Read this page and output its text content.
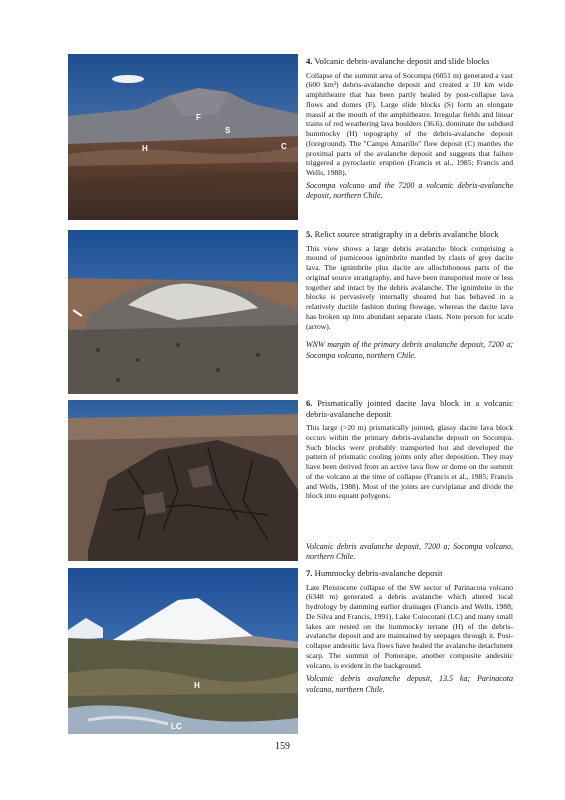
F
S
H	C
H
LC

4. Volcanic debris-avalanche deposit and slide blocks

Collapse of the summit area of Socompa (6051 m) generated a vast (600 km³) debris-avalanche deposit and created a 10 km wide amphitheatre that has been partly healed by post-collapse lava flows and domes (F). Large slide blocks (S) form an elongate massif at the mouth of the amphitheatre. Irregular fields and linear trains of red weathering lava boulders (36.6), dominate the subdued hummocky (H) topography of the debris-avalanche deposit (foreground). The "Campo Amarillo" flow deposit (C) mantles the proximal parts of the avalanche deposit and suggests that failure triggered a pyroclastic eruption (Francis et al., 1985; Francis and Wells, 1988).

Socompa volcano and the 7200 a volcanic debris-avalanche deposit, northern Chile.

5. Relict source stratigraphy in a debris avalanche block

This view shows a large debris avalanche block comprising a mound of pumiceous ignimbrite mantled by clasts of grey dacite lava. The ignimbrite plus dacite are allochthonous parts of the original source stratigraphy, and have been transported more or less together and intact by the debris avalanche. The ignimbrite in the blocks is pervasively internally sheared but has behaved in a relatively ductile fashion during flowage, whereas the dacite lava has broken up into abundant separate clasts. Note person for scale (arrow).

WNW margin of the primary debris avalanche deposit, 7200 a; Socompa volcano, northern Chile.

6. Prismatically jointed dacite lava block in a volcanic debris-avalanche deposit

This large (>20 m) prismatically jointed, glassy dacite lava block occurs within the primary debris-avalanche deposit on Socompa. Such blocks were probably transported hot and developed the pattern of prismatic cooling joints only after deposition. They may have been derived from an active lava flow or dome on the summit of the volcano at the time of collapse (Francis et al., 1985; Francis and Wells, 1988). Most of the joints are curviplanar and divide the block into equant polygons.

Volcanic debris avalanche deposit, 7200 a; Socompa volcano, northern Chile.

7. Hummocky debris-avalanche deposit

Late Pleistocene collapse of the SW sector of Parinacota volcano (6348 m) generated a debris avalanche which altered local hydrology by damming earlier drainages (Francis and Wells, 1988; De Silva and Francis, 1991). Lake Cotocotani (LC) and many small lakes are nested on the hummocky terrane (H) of the debris-avalanche deposit and are maintained by seepages through it. Post-collapse andesitic lava flows have healed the avalanche detachment scarp. The summit of Pomerape, another composite andesitic volcano, is evident in the background.

Volcanic debris avalanche deposit, 13.5 ka; Parinacota volcano, northern Chile.

159
